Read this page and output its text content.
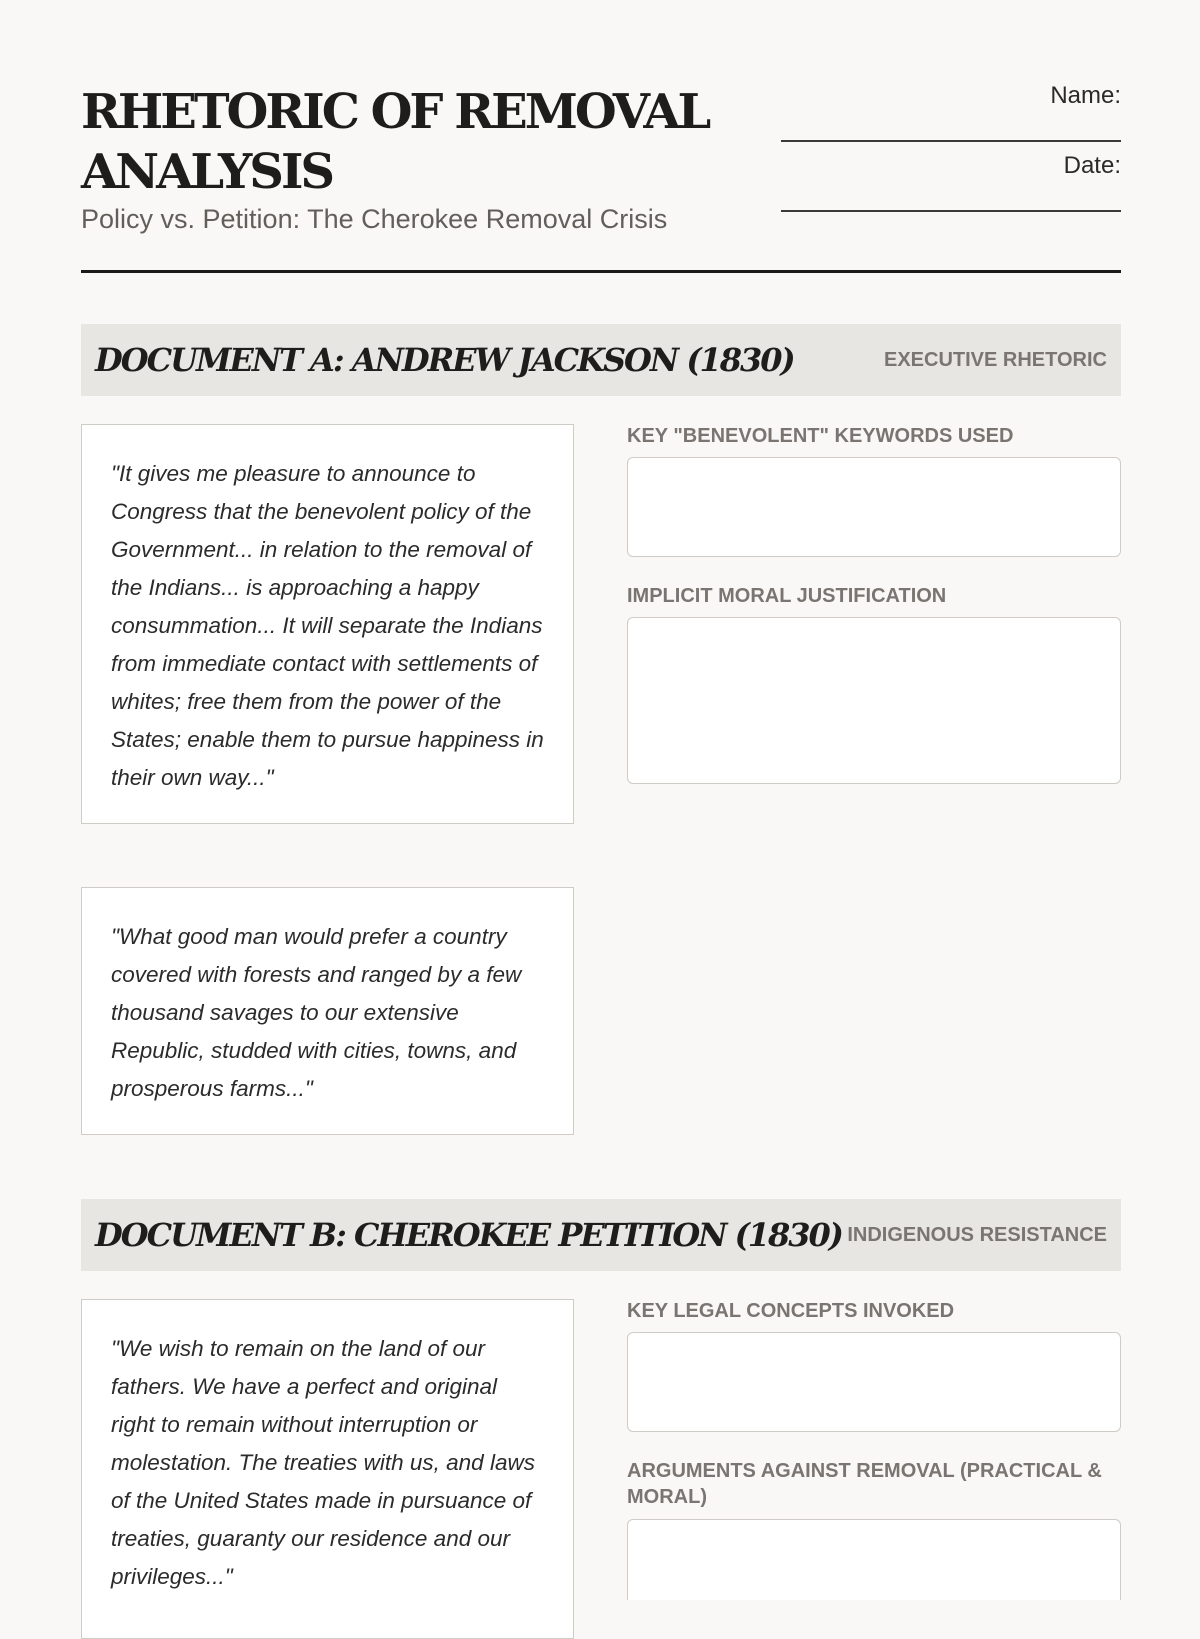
RHETORIC OF REMOVAL ANALYSIS

Policy vs. Petition: The Cherokee Removal Crisis

Name:
Date:
DOCUMENT A: ANDREW JACKSON (1830)	EXECUTIVE RHETORIC
"It gives me pleasure to announce to Congress that the benevolent policy of the Government... in relation to the removal of the Indians... is approaching a happy consummation... It will separate the Indians from immediate contact with settlements of whites; free them from the power of the States; enable them to pursue happiness in their own way..."
"What good man would prefer a country covered with forests and ranged by a few thousand savages to our extensive Republic, studded with cities, towns, and prosperous farms..."
KEY "BENEVOLENT" KEYWORDS USED
IMPLICIT MORAL JUSTIFICATION
DOCUMENT B: CHEROKEE PETITION (1830) INDIGENOUS RESISTANCE
"We wish to remain on the land of our fathers. We have a perfect and original right to remain without interruption or molestation. The treaties with us, and laws of the United States made in pursuance of treaties, guaranty our residence and our privileges..."
KEY LEGAL CONCEPTS INVOKED
ARGUMENTS AGAINST REMOVAL (PRACTICAL & MORAL)
